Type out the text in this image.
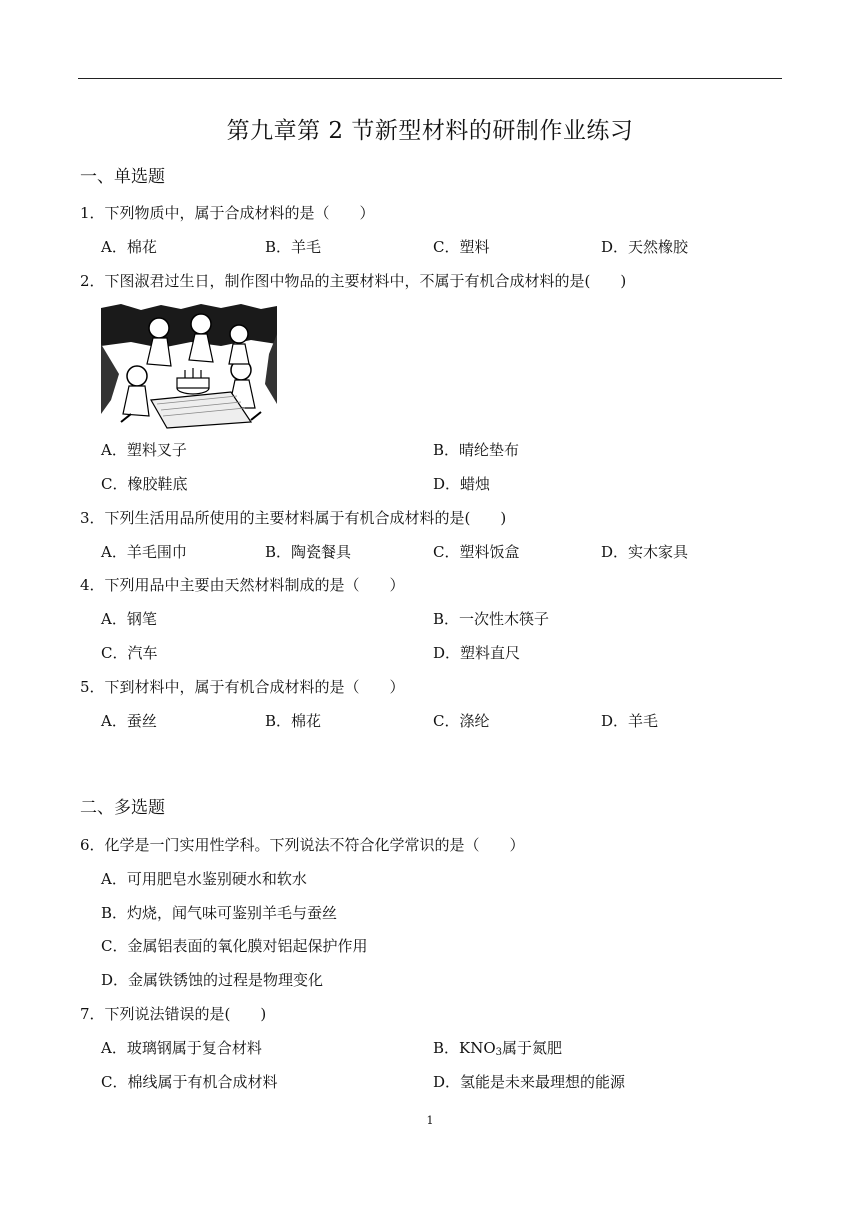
第九章第 2 节新型材料的研制作业练习
一、单选题
1．下列物质中，属于合成材料的是（　　）
A．棉花	B．羊毛	C．塑料	D．天然橡胶
2．下图淑君过生日，制作图中物品的主要材料中，不属于有机合成材料的是(　　)
A．塑料叉子	B．晴纶垫布
C．橡胶鞋底	D．蜡烛
3．下列生活用品所使用的主要材料属于有机合成材料的是(　　)
A．羊毛围巾	B．陶瓷餐具	C．塑料饭盒	D．实木家具
4．下列用品中主要由天然材料制成的是（　　）
A．钢笔	B．一次性木筷子
C．汽车	D．塑料直尺
5．下到材料中，属于有机合成材料的是（　　）
A．蚕丝	B．棉花	C．涤纶	D．羊毛
二、多选题
6．化学是一门实用性学科。下列说法不符合化学常识的是（　　）
A．可用肥皂水鉴别硬水和软水
B．灼烧，闻气味可鉴别羊毛与蚕丝
C．金属铝表面的氧化膜对铝起保护作用
D．金属铁锈蚀的过程是物理变化
7．下列说法错误的是(　　)
A．玻璃钢属于复合材料	B．$KNO_3$属于氮肥
C．棉线属于有机合成材料	D．氢能是未来最理想的能源
1
